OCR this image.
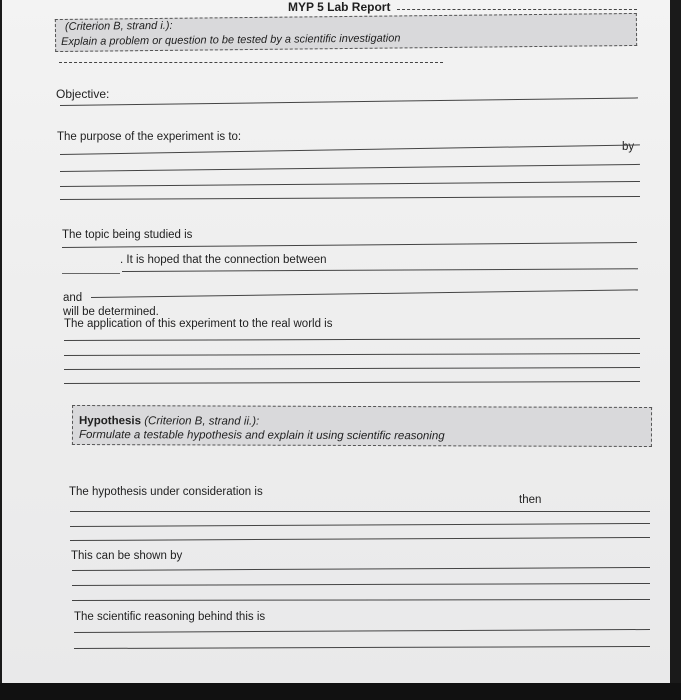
MYP 5 Lab Report
(Criterion B, strand i.):
Explain a problem or question to be tested by a scientific investigation
Objective:
The purpose of the experiment is to:
by
The topic being studied is
. It is hoped that the connection between
and
will be determined.
The application of this experiment to the real world is
Hypothesis (Criterion B, strand ii.):
Formulate a testable hypothesis and explain it using scientific reasoning
The hypothesis under consideration is
then
This can be shown by
The scientific reasoning behind this is
